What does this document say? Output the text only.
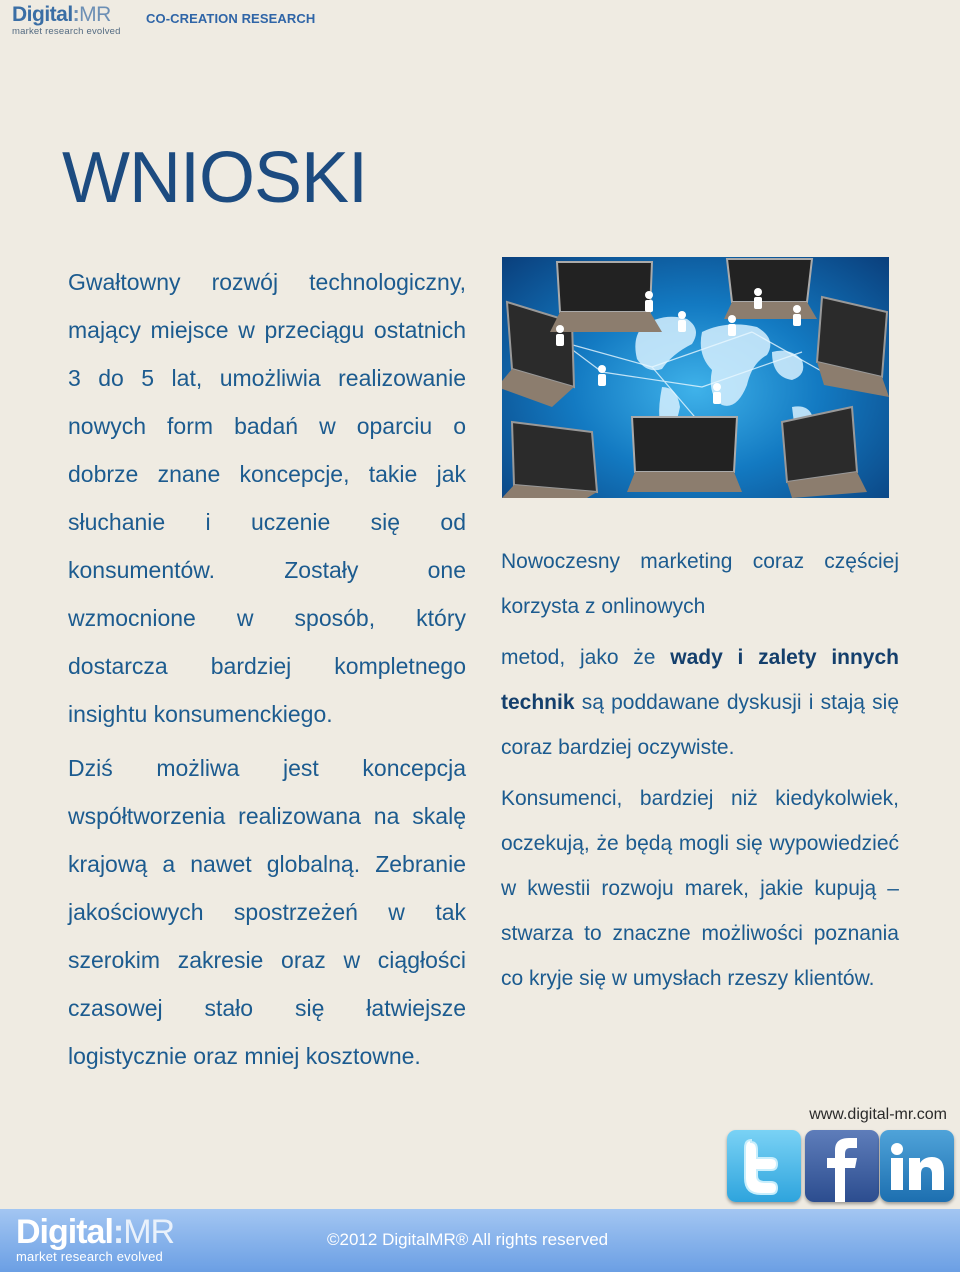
Digital:MR
market research evolved
CO-CREATION RESEARCH
WNIOSKI

Gwałtowny rozwój technologiczny, mający miejsce w przeciągu ostatnich 3 do 5 lat, umożliwia realizowanie nowych form badań w oparciu o dobrze znane koncepcje, takie jak słuchanie i uczenie się od konsumentów. Zostały one wzmocnione w sposób, który dostarcza bardziej kompletnego insightu konsumenckiego.

Dziś możliwa jest koncepcja współtworzenia realizowana na skalę krajową a nawet globalną. Zebranie jakościowych spostrzeżeń w tak szerokim zakresie oraz w ciągłości czasowej stało się łatwiejsze logistycznie oraz mniej kosztowne.

Nowoczesny marketing coraz częściej korzysta z onlinowych

metod, jako że wady i zalety innych technik są poddawane dyskusji i stają się coraz bardziej oczywiste.

Konsumenci, bardziej niż kiedykolwiek, oczekują, że będą mogli się wypowiedzieć w kwestii rozwoju marek, jakie kupują – stwarza to znaczne możliwości poznania co kryje się w umysłach rzeszy klientów.

www.digital-mr.com
Digital:MR
market research evolved
©2012 DigitalMR® All rights reserved
